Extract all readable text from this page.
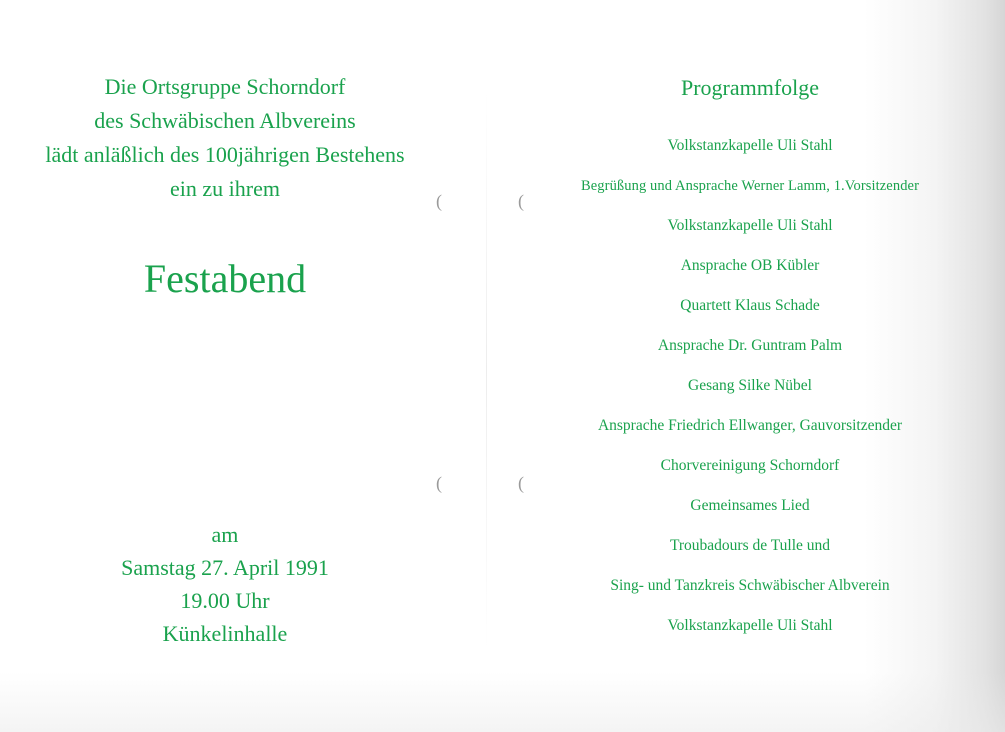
Die Ortsgruppe Schorndorf
des Schwäbischen Albvereins
lädt anläßlich des 100jährigen Bestehens
ein zu ihrem
Festabend
am
Samstag 27. April 1991
19.00 Uhr
Künkelinhalle
Programmfolge
Volkstanzkapelle Uli Stahl
Begrüßung und Ansprache Werner Lamm, 1.Vorsitzender
Volkstanzkapelle Uli Stahl
Ansprache OB Kübler
Quartett Klaus Schade
Ansprache Dr. Guntram Palm
Gesang Silke Nübel
Ansprache Friedrich Ellwanger, Gauvorsitzender
Chorvereinigung Schorndorf
Gemeinsames Lied
Troubadours de Tulle und
Sing- und Tanzkreis Schwäbischer Albverein
Volkstanzkapelle Uli Stahl
(	(
(	(
